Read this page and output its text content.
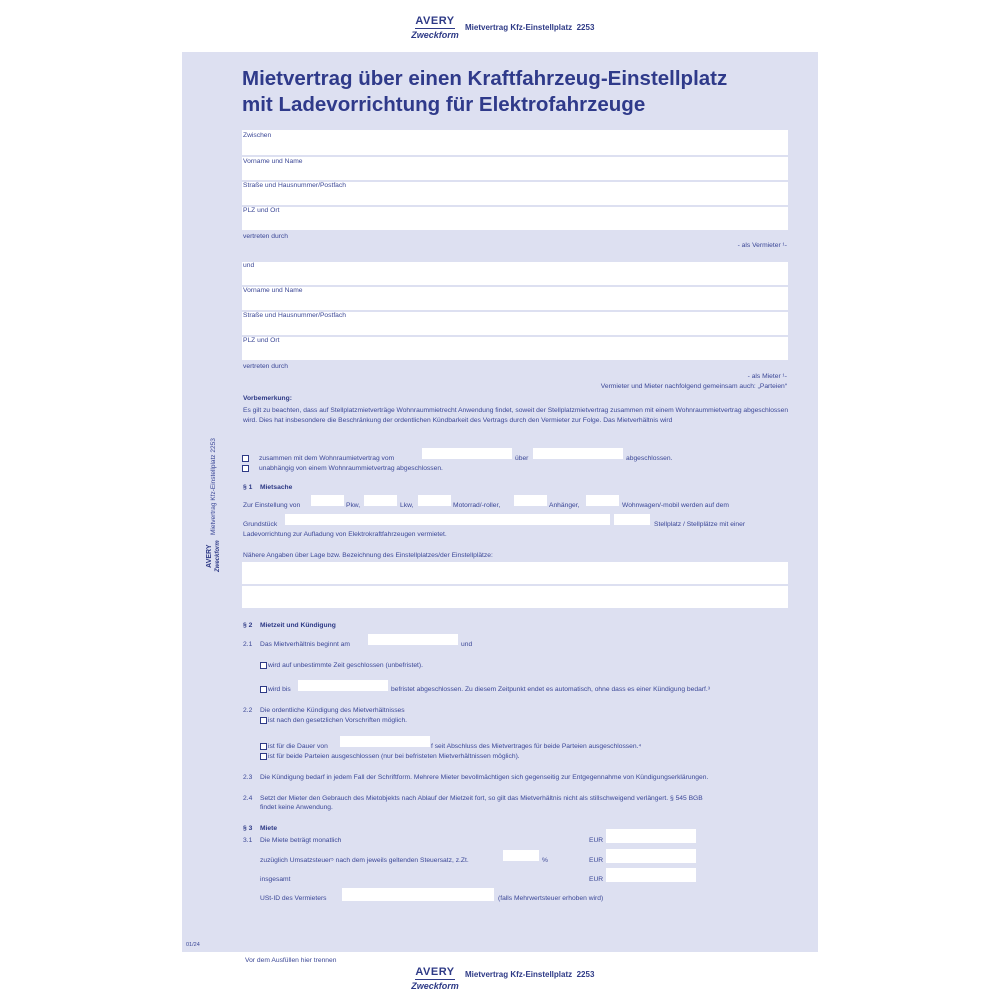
AVERY
Zweckform
Mietvertrag Kfz-Einstellplatz 2253
Mietvertrag Kfz-Einstellplatz 2253
AVERY Zweckform
Mietvertrag über einen Kraftfahrzeug-Einstellplatz
mit Ladevorrichtung für Elektrofahrzeuge
Zwischen
Vorname und Name
Straße und Hausnummer/Postfach
PLZ und Ort
vertreten durch
- als Vermieter ¹-
und
Vorname und Name
Straße und Hausnummer/Postfach
PLZ und Ort
vertreten durch
- als Mieter ¹-
Vermieter und Mieter nachfolgend gemeinsam auch: „Parteien“
Vorbemerkung:
Es gilt zu beachten, dass auf Stellplatzmietverträge Wohnraummietrecht Anwendung findet, soweit der Stellplatzmietvertrag zusammen mit einem Wohnraummietvertrag abgeschlossen wird. Dies hat insbesondere die Beschränkung der ordentlichen Kündbarkeit des Vertrags durch den Vermieter zur Folge. Das Mietverhältnis wird
zusammen mit dem Wohnraumietvertrag vom	über	abgeschlossen.
unabhängig von einem Wohnraummietvertrag abgeschlossen.
§ 1 Mietsache
Zur Einstellung von	Pkw,	Lkw,	Motorrad/-roller,	Anhänger,	Wohnwagen/-mobil werden auf dem
Grundstück	Stellplatz / Stellplätze mit einer
Ladevorrichtung zur Aufladung von Elektrokraftfahrzeugen vermietet.
Nähere Angaben über Lage bzw. Bezeichnung des Einstellplatzes/der Einstellplätze:
§ 2 Mietzeit und Kündigung
2.1 Das Mietverhältnis beginnt am	und
wird auf unbestimmte Zeit geschlossen (unbefristet).
wird bis	befristet abgeschlossen. Zu diesem Zeitpunkt endet es automatisch, ohne dass es einer Kündigung bedarf.³
2.2 Die ordentliche Kündigung des Mietverhältnisses
ist nach den gesetzlichen Vorschriften möglich.
ist für die Dauer von	f seit Abschluss des Mietvertrages für beide Parteien ausgeschlossen.⁴
ist für beide Parteien ausgeschlossen (nur bei befristeten Mietverhältnissen möglich).
2.3 Die Kündigung bedarf in jedem Fall der Schriftform. Mehrere Mieter bevollmächtigen sich gegenseitig zur Entgegennahme von Kündigungserklärungen.
2.4 Setzt der Mieter den Gebrauch des Mietobjekts nach Ablauf der Mietzeit fort, so gilt das Mietverhältnis nicht als stillschweigend verlängert. § 545 BGB
findet keine Anwendung.
§ 3 Miete
3.1 Die Miete beträgt monatlich	EUR
zuzüglich Umsatzsteuer⁵ nach dem jeweils geltenden Steuersatz, z.Zt.	%	EUR
insgesamt	EUR
USt-ID des Vermieters	(falls Mehrwertsteuer erhoben wird)
01/24
Vor dem Ausfüllen hier trennen
AVERY
Zweckform
Mietvertrag Kfz-Einstellplatz 2253
